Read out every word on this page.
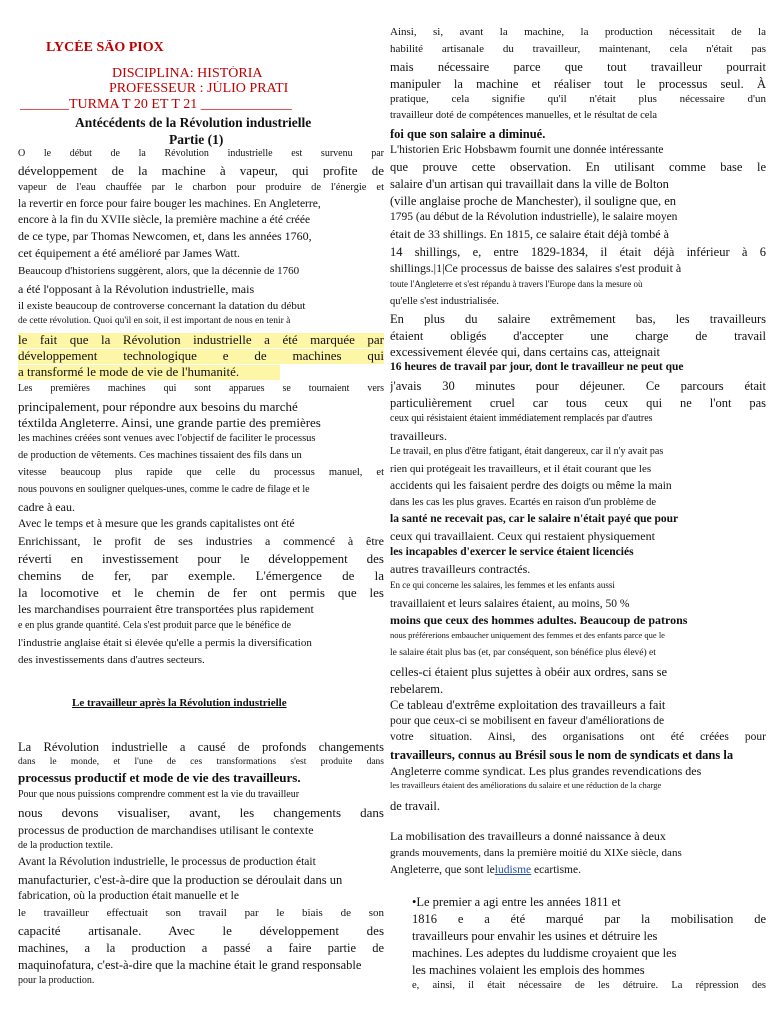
LYCÉE SÃO PIOX
DISCIPLINA: HISTÓRIA
PROFESSEUR : JÚLIO PRATI
_______TURMA T 20 ET T 21 _____________
Antécédents de la Révolution industrielle
Partie (1)
O le début de la Révolution industrielle est survenu par
développement de la machine à vapeur, qui profite de
vapeur de l'eau chauffée par le charbon pour produire de l'énergie et
la revertir en force pour faire bouger les machines. En Angleterre,
encore à la fin du XVIIe siècle, la première machine a été créée
de ce type, par Thomas Newcomen, et, dans les années 1760,
cet équipement a été amélioré par James Watt.
Beaucoup d'historiens suggèrent, alors, que la décennie de 1760
a été l'opposant à la Révolution industrielle, mais
il existe beaucoup de controverse concernant la datation du début
de cette révolution. Quoi qu'il en soit, il est important de nous en tenir à
le fait que la Révolution industrielle a été marquée par
développement technologique e de machines qui
a transformé le mode de vie de l'humanité.
Les premières machines qui sont apparues se tournaient vers
principalement, pour répondre aux besoins du marché
téxtilda Angleterre. Ainsi, une grande partie des premières
les machines créées sont venues avec l'objectif de faciliter le processus
de production de vêtements. Ces machines tissaient des fils dans un
vitesse beaucoup plus rapide que celle du processus manuel, et
nous pouvons en souligner quelques-unes, comme le cadre de filage et le
cadre à eau.
Avec le temps et à mesure que les grands capitalistes ont été
Enrichissant, le profit de ses industries a commencé à être
réverti en investissement pour le développement des
chemins de fer, par exemple. L'émergence de la
la locomotive et le chemin de fer ont permis que les
les marchandises pourraient être transportées plus rapidement
e en plus grande quantité. Cela s'est produit parce que le bénéfice de
l'industrie anglaise était si élevée qu'elle a permis la diversification
des investissements dans d'autres secteurs.
Le travailleur après la Révolution industrielle
La Révolution industrielle a causé de profonds changements
dans le monde, et l'une de ces transformations s'est produite dans
processus productif et mode de vie des travailleurs.
Pour que nous puissions comprendre comment est la vie du travailleur
nous devons visualiser, avant, les changements dans
processus de production de marchandises utilisant le contexte
de la production textile.
Avant la Révolution industrielle, le processus de production était
manufacturier, c'est-à-dire que la production se déroulait dans un
fabrication, où la production était manuelle et le
le travailleur effectuait son travail par le biais de son
capacité artisanale. Avec le développement des
machines, a la production a passé a faire partie de
maquinofatura, c'est-à-dire que la machine était le grand responsable
pour la production.
Ainsi, si, avant la machine, la production nécessitait de la
habilité artisanale du travailleur, maintenant, cela n'était pas
mais nécessaire parce que tout travailleur pourrait
manipuler la machine et réaliser tout le processus seul. À
pratique, cela signifie qu'il n'était plus nécessaire d'un
travailleur doté de compétences manuelles, et le résultat de cela
foi que son salaire a diminué.
L'historien Eric Hobsbawm fournit une donnée intéressante
que prouve cette observation. En utilisant comme base le
salaire d'un artisan qui travaillait dans la ville de Bolton
(ville anglaise proche de Manchester), il souligne que, en
1795 (au début de la Révolution industrielle), le salaire moyen
était de 33 shillings. En 1815, ce salaire était déjà tombé à
14 shillings, e, entre 1829-1834, il était déjà inférieur à 6
shillings.|1|Ce processus de baisse des salaires s'est produit à
toute l'Angleterre et s'est répandu à travers l'Europe dans la mesure où
qu'elle s'est industrialisée.
En plus du salaire extrêmement bas, les travailleurs
étaient obligés d'accepter une charge de travail
excessivement élevée qui, dans certains cas, atteignait
16 heures de travail par jour, dont le travailleur ne peut que
j'avais 30 minutes pour déjeuner. Ce parcours était
particulièrement cruel car tous ceux qui ne l'ont pas
ceux qui résistaient étaient immédiatement remplacés par d'autres
travailleurs.
Le travail, en plus d'être fatigant, était dangereux, car il n'y avait pas
rien qui protégeait les travailleurs, et il était courant que les
accidents qui les faisaient perdre des doigts ou même la main
dans les cas les plus graves. Écartés en raison d'un problème de
la santé ne recevait pas, car le salaire n'était payé que pour
ceux qui travaillaient. Ceux qui restaient physiquement
les incapables d'exercer le service étaient licenciés
autres travailleurs contractés.
En ce qui concerne les salaires, les femmes et les enfants aussi
travaillaient et leurs salaires étaient, au moins, 50 %
moins que ceux des hommes adultes. Beaucoup de patrons
nous préférerions embaucher uniquement des femmes et des enfants parce que le
le salaire était plus bas (et, par conséquent, son bénéfice plus élevé) et
celles-ci étaient plus sujettes à obéir aux ordres, sans se
rebelarem.
Ce tableau d'extrême exploitation des travailleurs a fait
pour que ceux-ci se mobilisent en faveur d'améliorations de
votre situation. Ainsi, des organisations ont été créées pour
travailleurs, connus au Brésil sous le nom de syndicats et dans la
Angleterre comme syndicat. Les plus grandes revendications des
les travailleurs étaient des améliorations du salaire et une réduction de la charge
de travail.
La mobilisation des travailleurs a donné naissance à deux
grands mouvements, dans la première moitié du XIXe siècle, dans
Angleterre, que sont leludisme ecartisme.
•Le premier a agi entre les années 1811 et
1816 e a été marqué par la mobilisation de
travailleurs pour envahir les usines et détruire les
machines. Les adeptes du luddisme croyaient que les
les machines volaient les emplois des hommes
e, ainsi, il était nécessaire de les détruire. La répression des
